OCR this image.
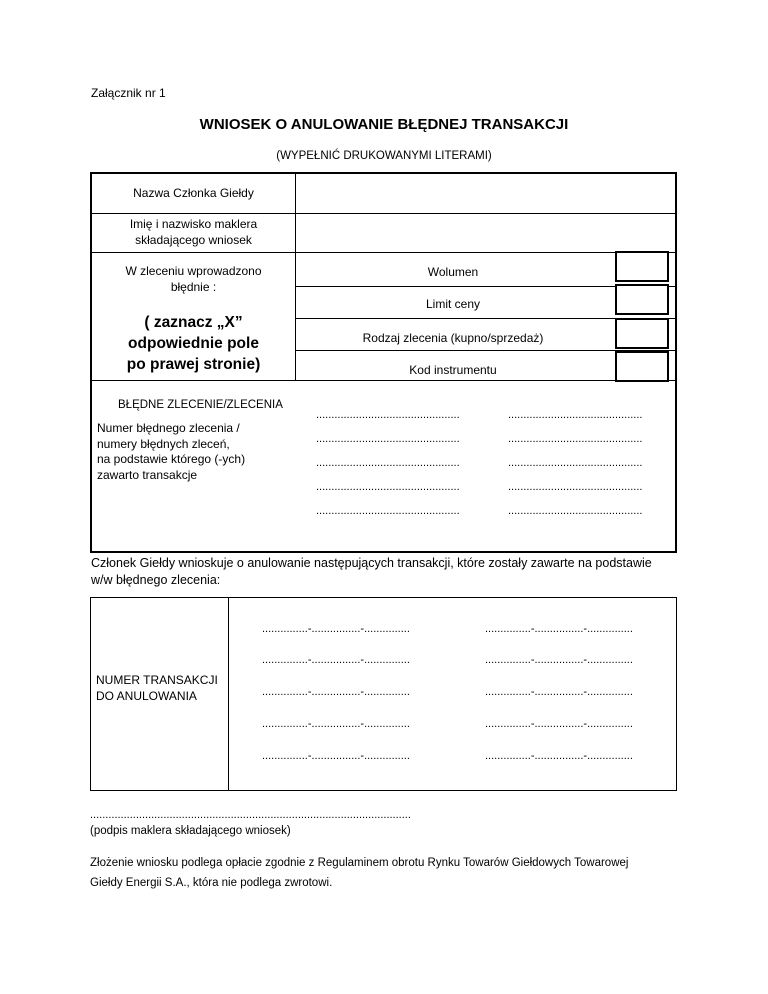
Załącznik nr 1
WNIOSEK O ANULOWANIE BŁĘDNEJ TRANSAKCJI
(WYPEŁNIĆ DRUKOWANYMI LITERAMI)
Nazwa Członka Giełdy
Imię i nazwisko maklera
składającego wniosek
W zleceniu wprowadzono
błędnie :
( zaznacz „X”
odpowiednie pole
po prawej stronie)
Wolumen
Limit ceny
Rodzaj zlecenia (kupno/sprzedaż)
Kod instrumentu
BŁĘDNE ZLECENIE/ZLECENIA
Numer błędnego zlecenia /
numery błędnych zleceń,
na podstawie którego (-ych)
zawarto transakcje
...............................................
...............................................
...............................................
...............................................
...............................................
............................................
............................................
............................................
............................................
............................................
Członek Giełdy wnioskuje o anulowanie następujących transakcji, które zostały zawarte na podstawie
w/w błędnego zlecenia:
NUMER TRANSAKCJI
DO ANULOWANIA
...............-................-...............
...............-................-...............
...............-................-...............
...............-................-...............
...............-................-...............
...............-................-...............
...............-................-...............
...............-................-...............
...............-................-...............
...............-................-...............
.........................................................................................................
(podpis maklera składającego wniosek)
Złożenie wniosku podlega opłacie zgodnie z Regulaminem obrotu Rynku Towarów Giełdowych Towarowej
Giełdy Energii S.A., która nie podlega zwrotowi.
